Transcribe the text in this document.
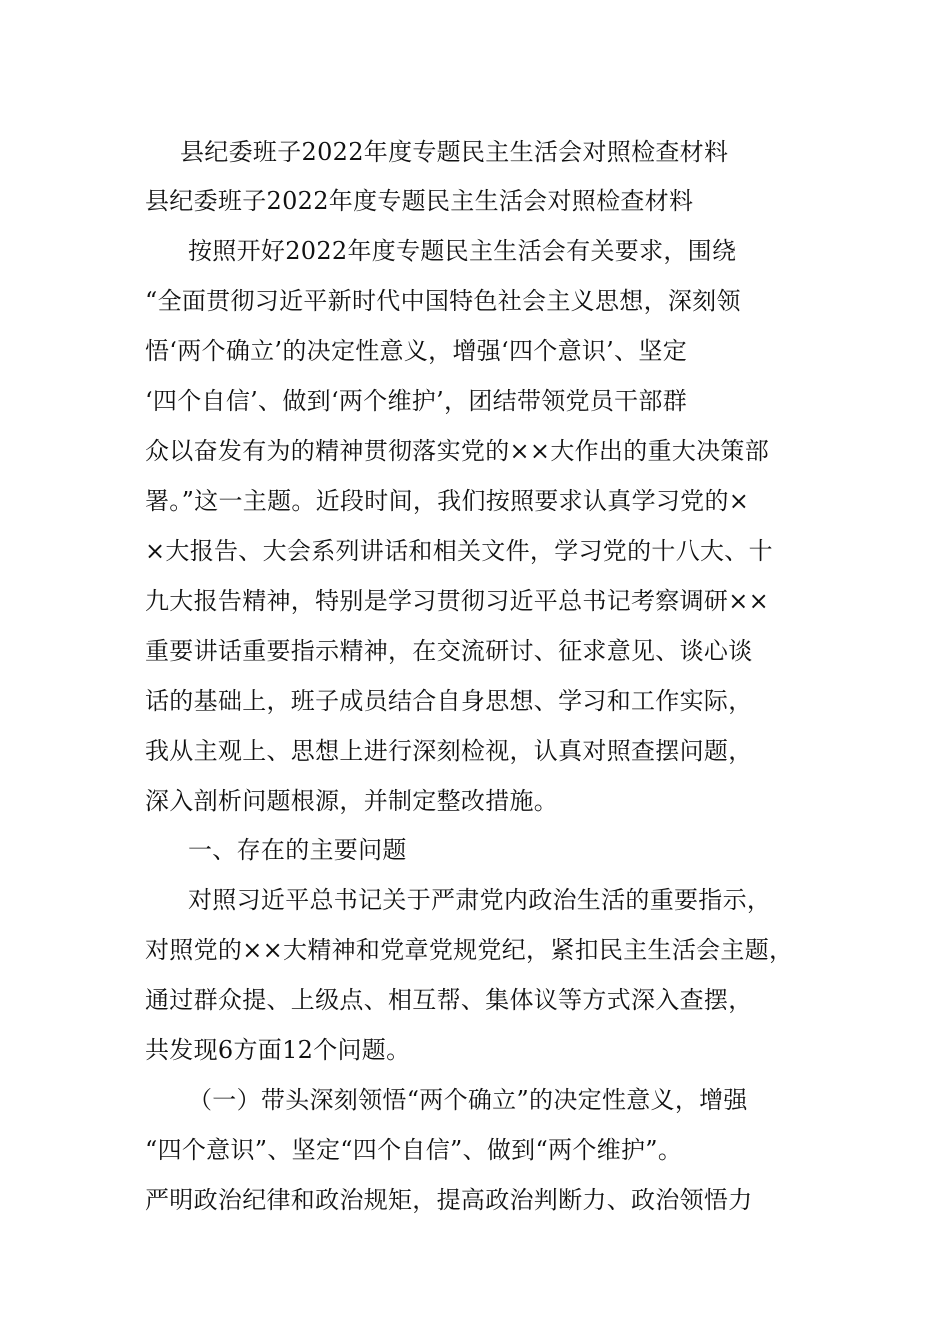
县纪委班子2022年度专题民主生活会对照检查材料
县纪委班子2022年度专题民主生活会对照检查材料
按照开好2022年度专题民主生活会有关要求，围绕
“全面贯彻习近平新时代中国特色社会主义思想，深刻领
悟‘两个确立’的决定性意义，增强‘四个意识’、坚定
‘四个自信’、做到‘两个维护’，团结带领党员干部群
众以奋发有为的精神贯彻落实党的××大作出的重大决策部
署。”这一主题。近段时间，我们按照要求认真学习党的×
×大报告、大会系列讲话和相关文件，学习党的十八大、十
九大报告精神，特别是学习贯彻习近平总书记考察调研××
重要讲话重要指示精神，在交流研讨、征求意见、谈心谈
话的基础上，班子成员结合自身思想、学习和工作实际，
我从主观上、思想上进行深刻检视，认真对照查摆问题，
深入剖析问题根源，并制定整改措施。
一、存在的主要问题
对照习近平总书记关于严肃党内政治生活的重要指示，
对照党的××大精神和党章党规党纪，紧扣民主生活会主题，
通过群众提、上级点、相互帮、集体议等方式深入查摆，
共发现6方面12个问题。
（一）带头深刻领悟“两个确立”的决定性意义，增强
“四个意识”、坚定“四个自信”、做到“两个维护”。
严明政治纪律和政治规矩，提高政治判断力、政治领悟力
